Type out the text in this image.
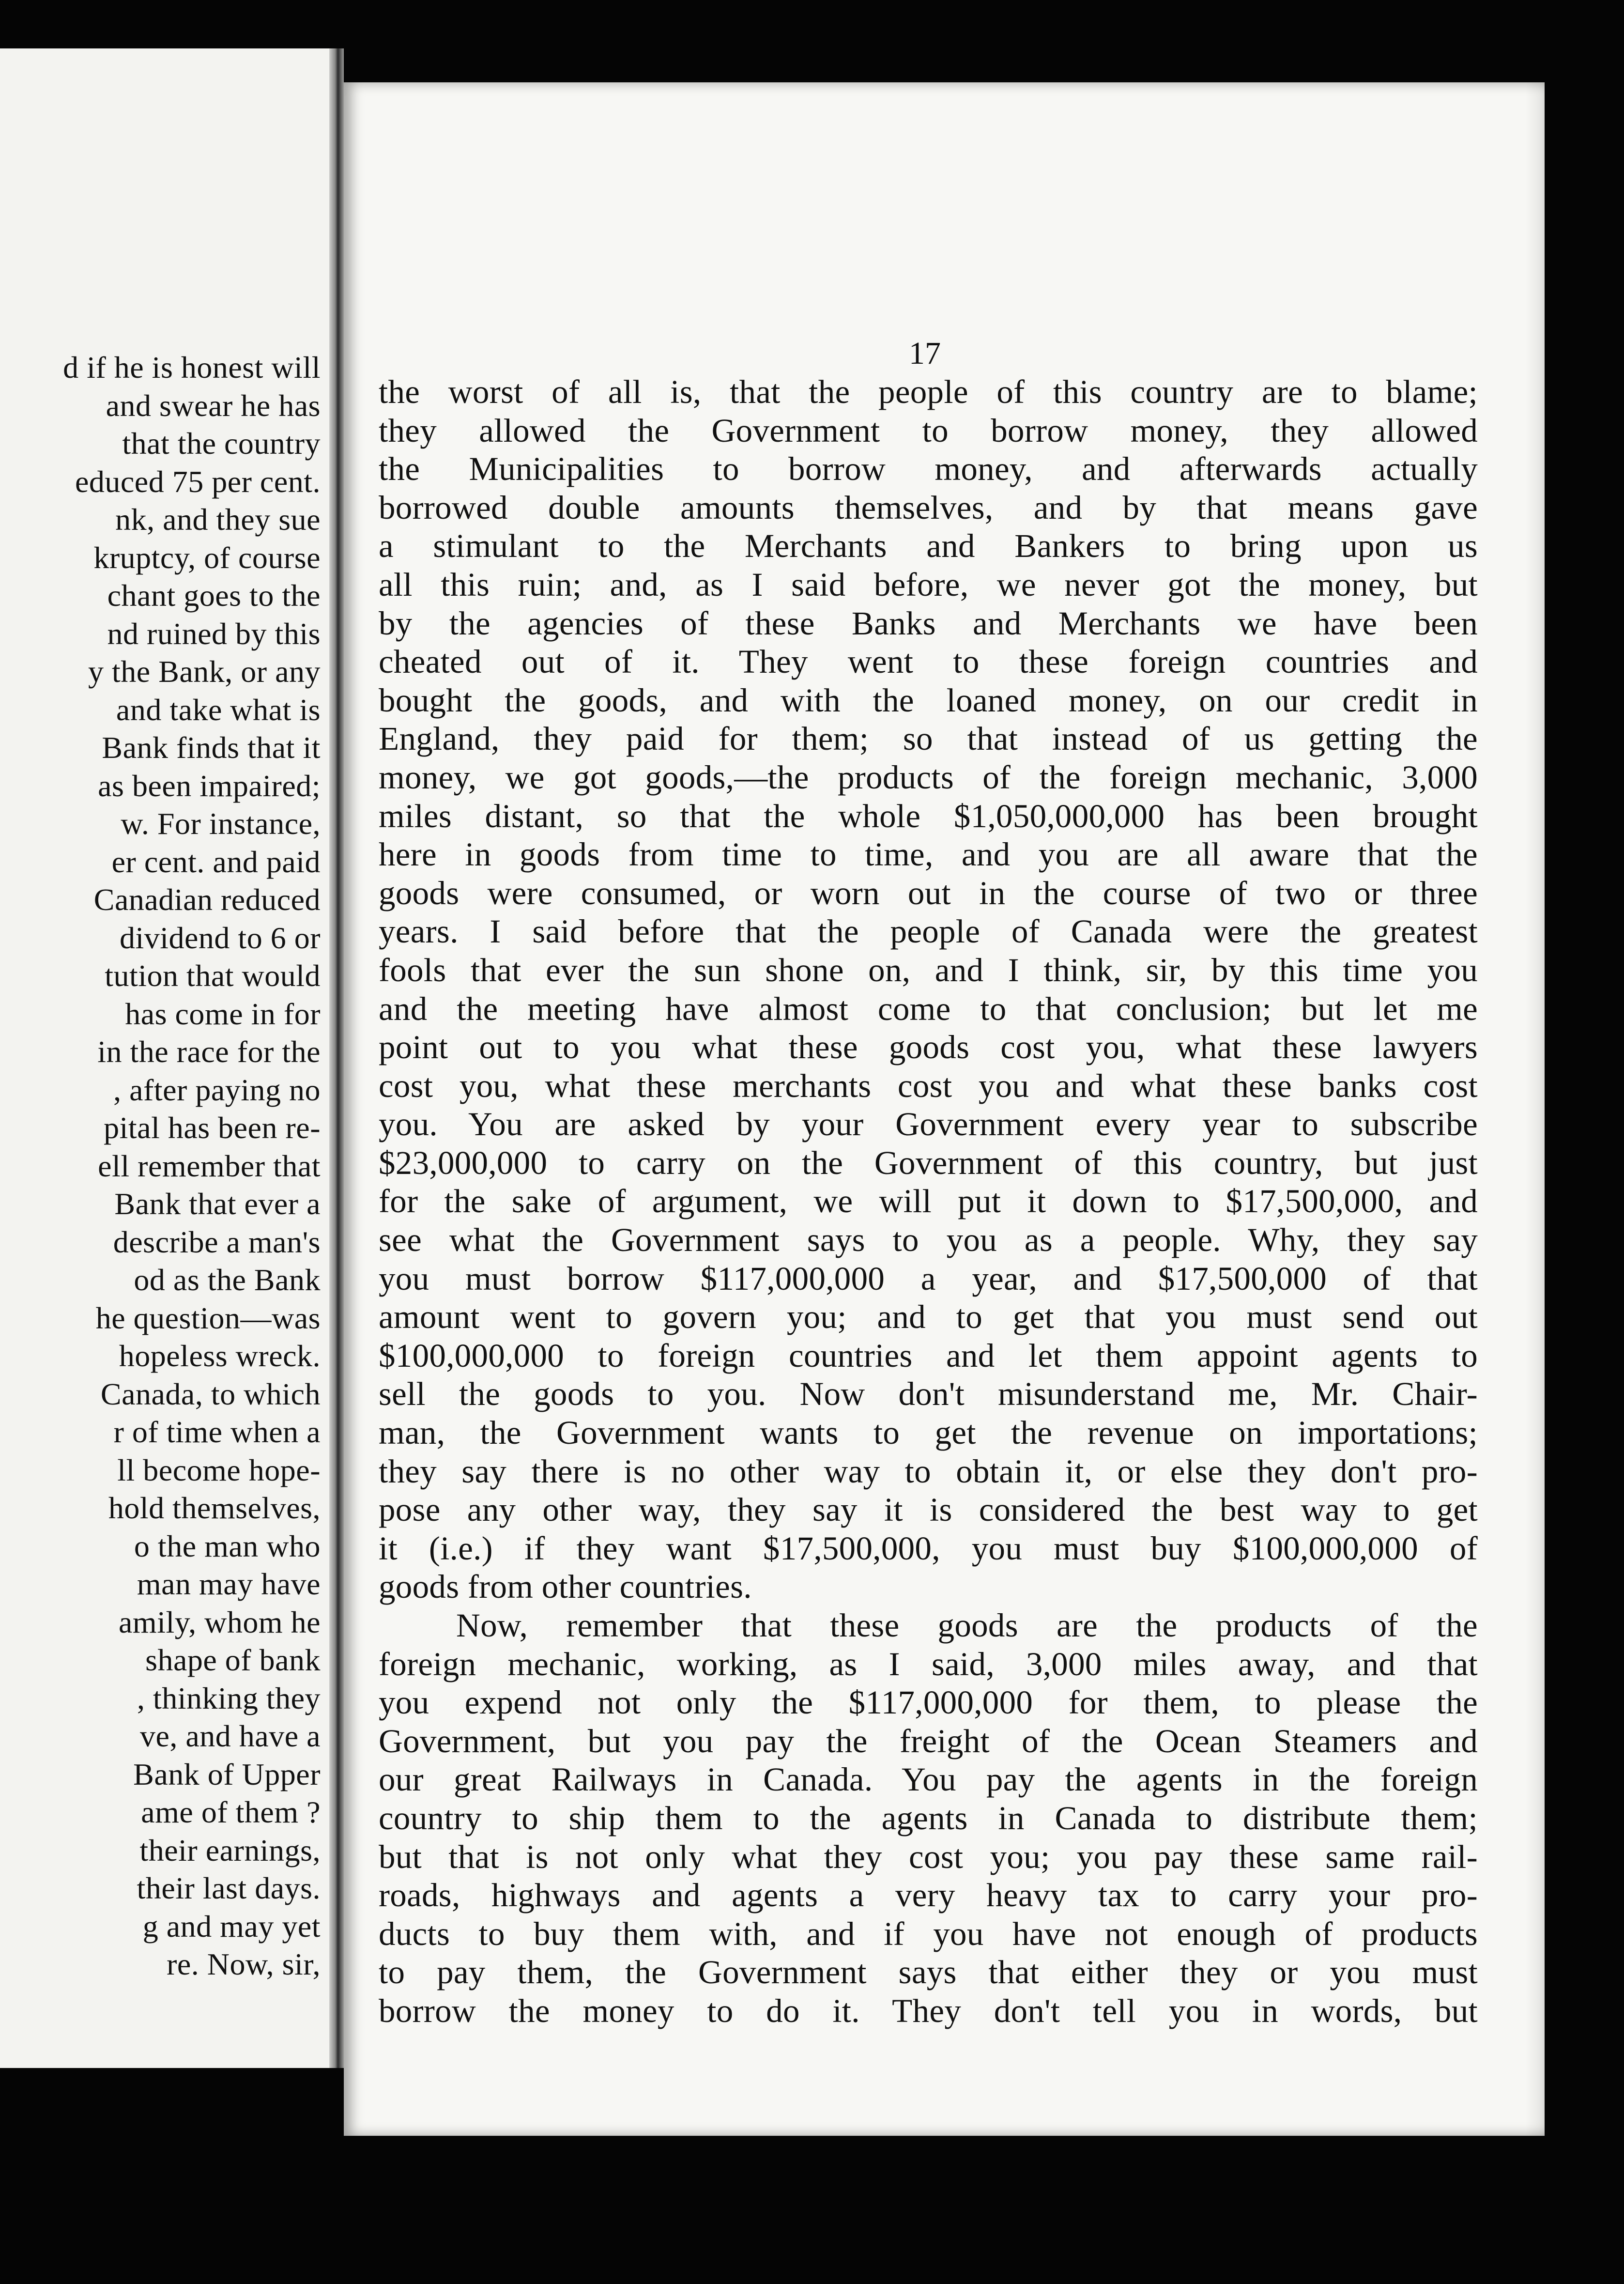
d if he is honest will
and swear he has
that the country
educed 75 per cent.
nk, and they sue
kruptcy, of course
chant goes to the
nd ruined by this
y the Bank, or any
and take what is
Bank finds that it
as been impaired;
w. For instance,
er cent. and paid
Canadian reduced
dividend to 6 or
tution that would
has come in for
in the race for the
, after paying no
pital has been re-
ell remember that
Bank that ever a
describe a man's
od as the Bank
he question—was
hopeless wreck.
Canada, to which
r of time when a
ll become hope-
hold themselves,
o the man who
man may have
amily, whom he
shape of bank
, thinking they
ve, and have a
Bank of Upper
ame of them ?
their earnings,
their last days.
g and may yet
re. Now, sir,
17
the worst of all is, that the people of this country are to blame;
they allowed the Government to borrow money, they allowed
the Municipalities to borrow money, and afterwards actually
borrowed double amounts themselves, and by that means gave
a stimulant to the Merchants and Bankers to bring upon us
all this ruin; and, as I said before, we never got the money, but
by the agencies of these Banks and Merchants we have been
cheated out of it. They went to these foreign countries and
bought the goods, and with the loaned money, on our credit in
England, they paid for them; so that instead of us getting the
money, we got goods,—the products of the foreign mechanic, 3,000
miles distant, so that the whole $1,050,000,000 has been brought
here in goods from time to time, and you are all aware that the
goods were consumed, or worn out in the course of two or three
years. I said before that the people of Canada were the greatest
fools that ever the sun shone on, and I think, sir, by this time you
and the meeting have almost come to that conclusion; but let me
point out to you what these goods cost you, what these lawyers
cost you, what these merchants cost you and what these banks cost
you. You are asked by your Government every year to subscribe
$23,000,000 to carry on the Government of this country, but just
for the sake of argument, we will put it down to $17,500,000, and
see what the Government says to you as a people. Why, they say
you must borrow $117,000,000 a year, and $17,500,000 of that
amount went to govern you; and to get that you must send out
$100,000,000 to foreign countries and let them appoint agents to
sell the goods to you. Now don't misunderstand me, Mr. Chair-
man, the Government wants to get the revenue on importations;
they say there is no other way to obtain it, or else they don't pro-
pose any other way, they say it is considered the best way to get
it (i.e.) if they want $17,500,000, you must buy $100,000,000 of
goods from other countries.
Now, remember that these goods are the products of the
foreign mechanic, working, as I said, 3,000 miles away, and that
you expend not only the $117,000,000 for them, to please the
Government, but you pay the freight of the Ocean Steamers and
our great Railways in Canada. You pay the agents in the foreign
country to ship them to the agents in Canada to distribute them;
but that is not only what they cost you; you pay these same rail-
roads, highways and agents a very heavy tax to carry your pro-
ducts to buy them with, and if you have not enough of products
to pay them, the Government says that either they or you must
borrow the money to do it. They don't tell you in words, but
